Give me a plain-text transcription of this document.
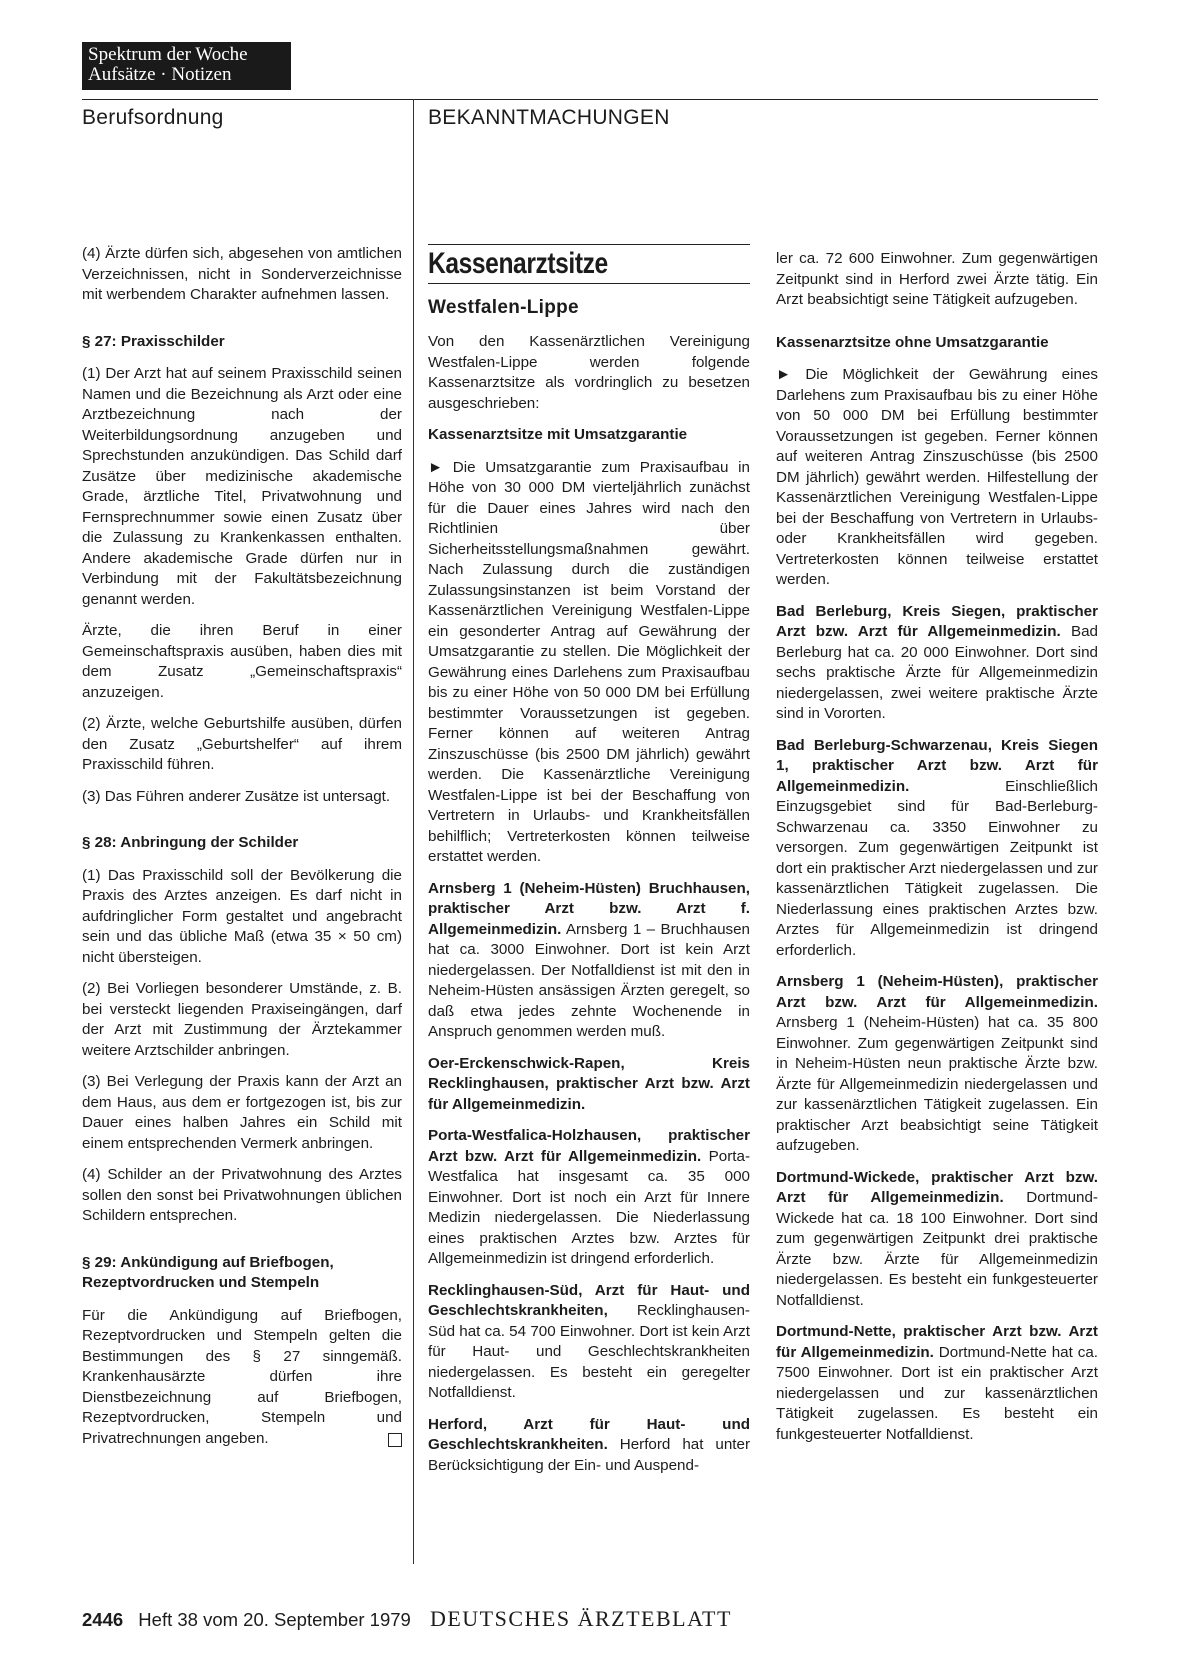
Spektrum der Woche
Aufsätze · Notizen
Berufsordnung	BEKANNTMACHUNGEN

(4) Ärzte dürfen sich, abgesehen von amtlichen Verzeichnissen, nicht in Sonderverzeichnisse mit werbendem Charakter aufnehmen lassen.

§ 27: Praxisschilder

(1) Der Arzt hat auf seinem Praxisschild seinen Namen und die Bezeichnung als Arzt oder eine Arztbezeichnung nach der Weiterbildungsordnung anzugeben und Sprechstunden anzukündigen. Das Schild darf Zusätze über medizinische akademische Grade, ärztliche Titel, Privatwohnung und Fernsprechnummer sowie einen Zusatz über die Zulassung zu Krankenkassen enthalten. Andere akademische Grade dürfen nur in Verbindung mit der Fakultätsbezeichnung genannt werden.

Ärzte, die ihren Beruf in einer Gemeinschaftspraxis ausüben, haben dies mit dem Zusatz „Gemeinschaftspraxis“ anzuzeigen.

(2) Ärzte, welche Geburtshilfe ausüben, dürfen den Zusatz „Geburtshelfer“ auf ihrem Praxisschild führen.

(3) Das Führen anderer Zusätze ist untersagt.

§ 28: Anbringung der Schilder

(1) Das Praxisschild soll der Bevölkerung die Praxis des Arztes anzeigen. Es darf nicht in aufdringlicher Form gestaltet und angebracht sein und das übliche Maß (etwa 35 × 50 cm) nicht übersteigen.

(2) Bei Vorliegen besonderer Umstände, z. B. bei versteckt liegenden Praxiseingängen, darf der Arzt mit Zustimmung der Ärztekammer weitere Arztschilder anbringen.

(3) Bei Verlegung der Praxis kann der Arzt an dem Haus, aus dem er fortgezogen ist, bis zur Dauer eines halben Jahres ein Schild mit einem entsprechenden Vermerk anbringen.

(4) Schilder an der Privatwohnung des Arztes sollen den sonst bei Privatwohnungen üblichen Schildern entsprechen.

§ 29: Ankündigung auf Briefbogen, Rezeptvordrucken und Stempeln

Für die Ankündigung auf Briefbogen, Rezeptvordrucken und Stempeln gelten die Bestimmungen des § 27 sinngemäß. Krankenhausärzte dürfen ihre Dienstbezeichnung auf Briefbogen, Rezeptvordrucken, Stempeln und Privatrechnungen angeben.

Kassenarztsitze
Westfalen-Lippe

Von den Kassenärztlichen Vereinigung Westfalen-Lippe werden folgende Kassenarztsitze als vordringlich zu besetzen ausgeschrieben:

Kassenarztsitze mit Umsatzgarantie

► Die Umsatzgarantie zum Praxisaufbau in Höhe von 30 000 DM vierteljährlich zunächst für die Dauer eines Jahres wird nach den Richtlinien über Sicherheitsstellungsmaßnahmen gewährt. Nach Zulassung durch die zuständigen Zulassungsinstanzen ist beim Vorstand der Kassenärztlichen Vereinigung Westfalen-Lippe ein gesonderter Antrag auf Gewährung der Umsatzgarantie zu stellen. Die Möglichkeit der Gewährung eines Darlehens zum Praxisaufbau bis zu einer Höhe von 50 000 DM bei Erfüllung bestimmter Voraussetzungen ist gegeben. Ferner können auf weiteren Antrag Zinszuschüsse (bis 2500 DM jährlich) gewährt werden. Die Kassenärztliche Vereinigung Westfalen-Lippe ist bei der Beschaffung von Vertretern in Urlaubs- und Krankheitsfällen behilflich; Vertreterkosten können teilweise erstattet werden.

Arnsberg 1 (Neheim-Hüsten) Bruchhausen, praktischer Arzt bzw. Arzt f. Allgemeinmedizin. Arnsberg 1 – Bruchhausen hat ca. 3000 Einwohner. Dort ist kein Arzt niedergelassen. Der Notfalldienst ist mit den in Neheim-Hüsten ansässigen Ärzten geregelt, so daß etwa jedes zehnte Wochenende in Anspruch genommen werden muß.

Oer-Erckenschwick-Rapen, Kreis Recklinghausen, praktischer Arzt bzw. Arzt für Allgemeinmedizin.

Porta-Westfalica-Holzhausen, praktischer Arzt bzw. Arzt für Allgemeinmedizin. Porta-Westfalica hat insgesamt ca. 35 000 Einwohner. Dort ist noch ein Arzt für Innere Medizin niedergelassen. Die Niederlassung eines praktischen Arztes bzw. Arztes für Allgemeinmedizin ist dringend erforderlich.

Recklinghausen-Süd, Arzt für Haut- und Geschlechtskrankheiten, Recklinghausen-Süd hat ca. 54 700 Einwohner. Dort ist kein Arzt für Haut- und Geschlechtskrankheiten niedergelassen. Es besteht ein geregelter Notfalldienst.

Herford, Arzt für Haut- und Geschlechtskrankheiten. Herford hat unter Berücksichtigung der Ein- und Auspend-

ler ca. 72 600 Einwohner. Zum gegenwärtigen Zeitpunkt sind in Herford zwei Ärzte tätig. Ein Arzt beabsichtigt seine Tätigkeit aufzugeben.

Kassenarztsitze ohne Umsatzgarantie

► Die Möglichkeit der Gewährung eines Darlehens zum Praxisaufbau bis zu einer Höhe von 50 000 DM bei Erfüllung bestimmter Voraussetzungen ist gegeben. Ferner können auf weiteren Antrag Zinszuschüsse (bis 2500 DM jährlich) gewährt werden. Hilfestellung der Kassenärztlichen Vereinigung Westfalen-Lippe bei der Beschaffung von Vertretern in Urlaubs- oder Krankheitsfällen wird gegeben. Vertreterkosten können teilweise erstattet werden.

Bad Berleburg, Kreis Siegen, praktischer Arzt bzw. Arzt für Allgemeinmedizin. Bad Berleburg hat ca. 20 000 Einwohner. Dort sind sechs praktische Ärzte für Allgemeinmedizin niedergelassen, zwei weitere praktische Ärzte sind in Vororten.

Bad Berleburg-Schwarzenau, Kreis Siegen 1, praktischer Arzt bzw. Arzt für Allgemeinmedizin. Einschließlich Einzugsgebiet sind für Bad-Berleburg-Schwarzenau ca. 3350 Einwohner zu versorgen. Zum gegenwärtigen Zeitpunkt ist dort ein praktischer Arzt niedergelassen und zur kassenärztlichen Tätigkeit zugelassen. Die Niederlassung eines praktischen Arztes bzw. Arztes für Allgemeinmedizin ist dringend erforderlich.

Arnsberg 1 (Neheim-Hüsten), praktischer Arzt bzw. Arzt für Allgemeinmedizin. Arnsberg 1 (Neheim-Hüsten) hat ca. 35 800 Einwohner. Zum gegenwärtigen Zeitpunkt sind in Neheim-Hüsten neun praktische Ärzte bzw. Ärzte für Allgemeinmedizin niedergelassen und zur kassenärztlichen Tätigkeit zugelassen. Ein praktischer Arzt beabsichtigt seine Tätigkeit aufzugeben.

Dortmund-Wickede, praktischer Arzt bzw. Arzt für Allgemeinmedizin. Dortmund-Wickede hat ca. 18 100 Einwohner. Dort sind zum gegenwärtigen Zeitpunkt drei praktische Ärzte bzw. Ärzte für Allgemeinmedizin niedergelassen. Es besteht ein funkgesteuerter Notfalldienst.

Dortmund-Nette, praktischer Arzt bzw. Arzt für Allgemeinmedizin. Dortmund-Nette hat ca. 7500 Einwohner. Dort ist ein praktischer Arzt niedergelassen und zur kassenärztlichen Tätigkeit zugelassen. Es besteht ein funkgesteuerter Notfalldienst.

2446 Heft 38 vom 20. September 1979 DEUTSCHES ÄRZTEBLATT
